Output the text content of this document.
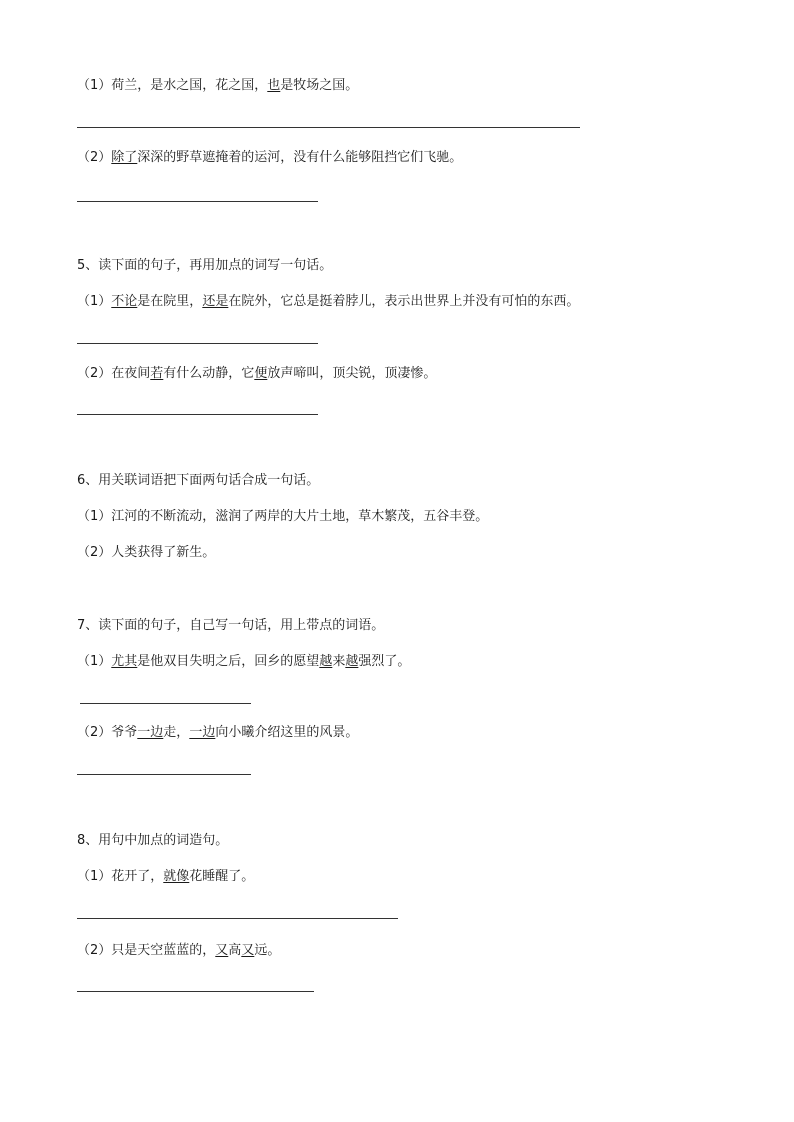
（1）荷兰，是水之国，花之国，也是牧场之国。
（2）除了深深的野草遮掩着的运河，没有什么能够阻挡它们飞驰。
5、读下面的句子，再用加点的词写一句话。
（1）不论是在院里，还是在院外，它总是挺着脖儿，表示出世界上并没有可怕的东西。
（2）在夜间若有什么动静，它便放声啼叫，顶尖锐，顶凄惨。
6、用关联词语把下面两句话合成一句话。
（1）江河的不断流动，滋润了两岸的大片土地，草木繁茂，五谷丰登。
（2）人类获得了新生。
7、读下面的句子，自己写一句话，用上带点的词语。
（1）尤其是他双目失明之后，回乡的愿望越来越强烈了。
（2）爷爷一边走，一边向小曦介绍这里的风景。
8、用句中加点的词造句。
（1）花开了，就像花睡醒了。
（2）只是天空蓝蓝的，又高又远。
